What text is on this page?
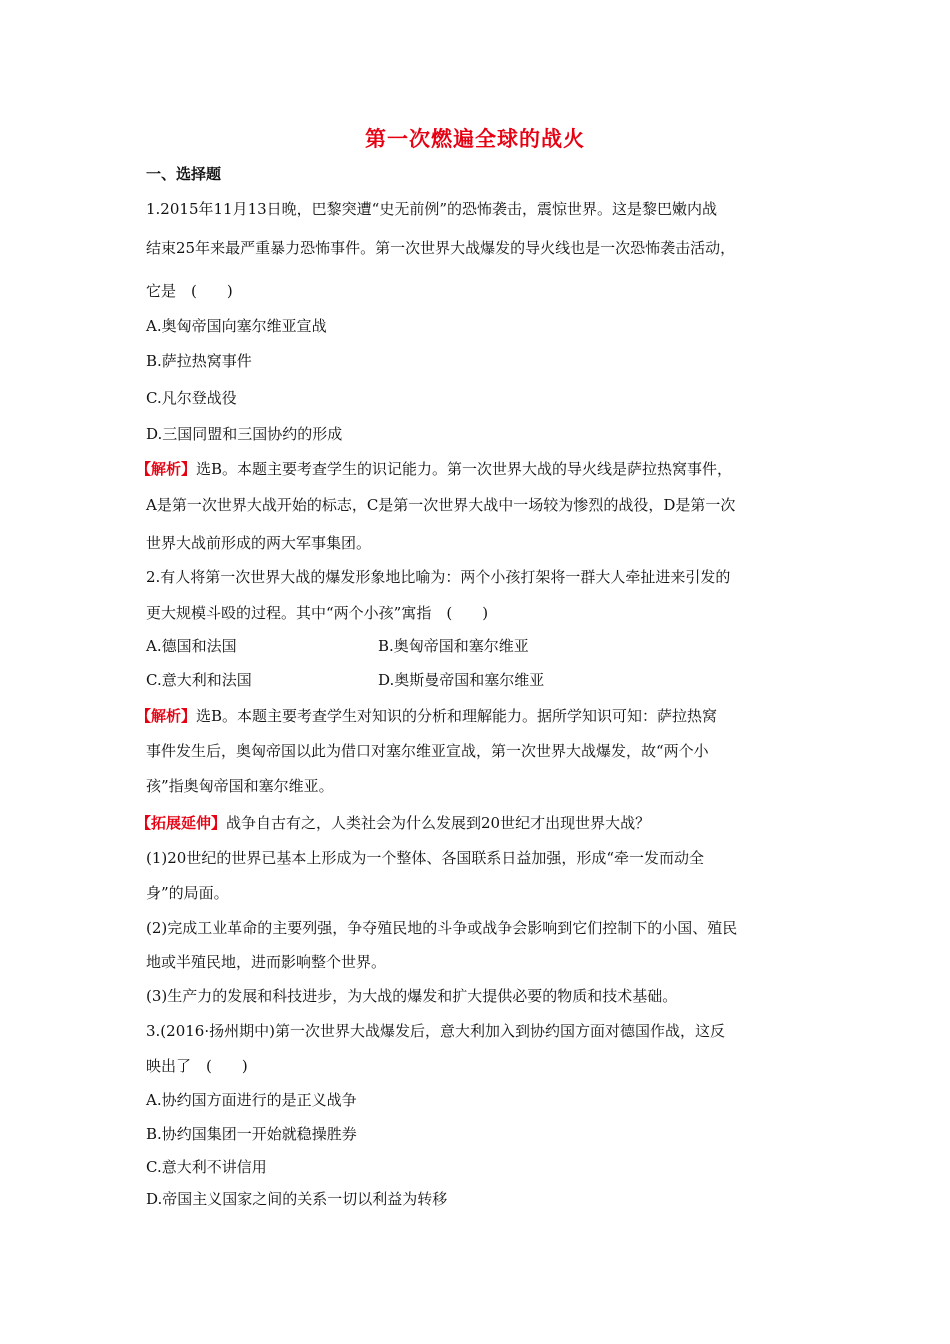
第一次燃遍全球的战火
一、选择题
1.2015年11月13日晚，巴黎突遭“史无前例”的恐怖袭击，震惊世界。这是黎巴嫩内战
结束25年来最严重暴力恐怖事件。第一次世界大战爆发的导火线也是一次恐怖袭击活动，
它是　(　　)
A.奥匈帝国向塞尔维亚宣战
B.萨拉热窝事件
C.凡尔登战役
D.三国同盟和三国协约的形成
【解析】选B。本题主要考查学生的识记能力。第一次世界大战的导火线是萨拉热窝事件，
A是第一次世界大战开始的标志，C是第一次世界大战中一场较为惨烈的战役，D是第一次
世界大战前形成的两大军事集团。
2.有人将第一次世界大战的爆发形象地比喻为：两个小孩打架将一群大人牵扯进来引发的
更大规模斗殴的过程。其中“两个小孩”寓指　(　　)
A.德国和法国	B.奥匈帝国和塞尔维亚
C.意大利和法国	D.奥斯曼帝国和塞尔维亚
【解析】选B。本题主要考查学生对知识的分析和理解能力。据所学知识可知：萨拉热窝
事件发生后，奥匈帝国以此为借口对塞尔维亚宣战，第一次世界大战爆发，故“两个小
孩”指奥匈帝国和塞尔维亚。
【拓展延伸】战争自古有之，人类社会为什么发展到20世纪才出现世界大战？
(1)20世纪的世界已基本上形成为一个整体、各国联系日益加强，形成“牵一发而动全
身”的局面。
(2)完成工业革命的主要列强，争夺殖民地的斗争或战争会影响到它们控制下的小国、殖民
地或半殖民地，进而影响整个世界。
(3)生产力的发展和科技进步，为大战的爆发和扩大提供必要的物质和技术基础。
3.(2016·扬州期中)第一次世界大战爆发后，意大利加入到协约国方面对德国作战，这反
映出了　(　　)
A.协约国方面进行的是正义战争
B.协约国集团一开始就稳操胜券
C.意大利不讲信用
D.帝国主义国家之间的关系一切以利益为转移
